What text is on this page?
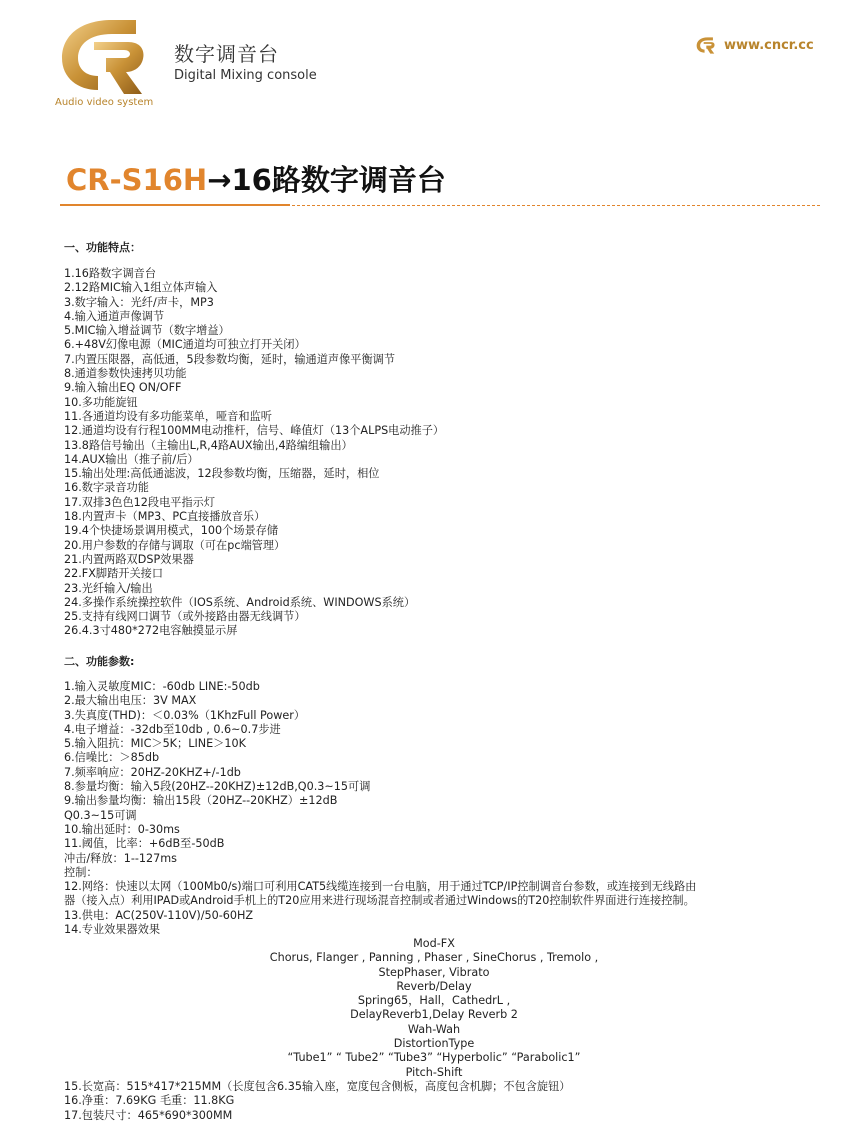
Audio video system
数字调音台
Digital Mixing console
www.cncr.cc
CR-S16H→16路数字调音台
一、功能特点：
1.16路数字调音台
2.12路MIC输入1组立体声输入
3.数字输入：光纤/声卡，MP3
4.输入通道声像调节
5.MIC输入增益调节（数字增益）
6.+48V幻像电源（MIC通道均可独立打开关闭）
7.内置压限器，高低通，5段参数均衡，延时，输通道声像平衡调节
8.通道参数快速拷贝功能
9.输入输出EQ ON/OFF
10.多功能旋钮
11.各通道均设有多功能菜单，哑音和监听
12.通道均设有行程100MM电动推杆，信号、峰值灯（13个ALPS电动推子）
13.8路信号输出（主输出L,R,4路AUX输出,4路编组输出）
14.AUX输出（推子前/后）
15.输出处理:高低通滤波，12段参数均衡，压缩器，延时，相位
16.数字录音功能
17.双排3色色12段电平指示灯
18.内置声卡（MP3、PC直接播放音乐）
19.4个快捷场景调用模式，100个场景存储
20.用户参数的存储与调取（可在pc端管理）
21.内置两路双DSP效果器
22.FX脚踏开关接口
23.光纤输入/输出
24.多操作系统操控软件（IOS系统、Android系统、WINDOWS系统）
25.支持有线网口调节（或外接路由器无线调节）
26.4.3寸480*272电容触摸显示屏
二、功能参数:
1.输入灵敏度MIC：-60db LINE:-50db
2.最大输出电压：3V MAX
3.失真度(THD)：＜0.03%（1KhzFull Power）
4.电子增益：-32db至10db , 0.6~0.7步进
5.输入阻抗：MIC＞5K；LINE＞10K
6.信噪比：＞85db
7.频率响应：20HZ-20KHZ+/-1db
8.参量均衡：输入5段(20HZ--20KHZ)±12dB,Q0.3~15可调
9.输出参量均衡：输出15段（20HZ--20KHZ）±12dB
Q0.3~15可调
10.输出延时：0-30ms
11.阈值，比率：+6dB至-50dB
冲击/释放：1--127ms
控制：
12.网络：快速以太网（100Mb0/s)端口可利用CAT5线缆连接到一台电脑，用于通过TCP/IP控制调音台参数，或连接到无线路由
器（接入点）利用IPAD或Android手机上的T20应用来进行现场混音控制或者通过Windows的T20控制软件界面进行连接控制。
13.供电：AC(250V-110V)/50-60HZ
14.专业效果器效果
Mod-FX
Chorus, Flanger , Panning , Phaser , SineChorus , Tremolo ,
StepPhaser, Vibrato
Reverb/Delay
Spring65，Hall，CathedrL ,
DelayReverb1,Delay Reverb 2
Wah-Wah
DistortionType
“Tube1” “ Tube2” “Tube3” “Hyperbolic” “Parabolic1”
Pitch-Shift
15.长宽高：515*417*215MM（长度包含6.35输入座，宽度包含侧板，高度包含机脚；不包含旋钮）
16.净重：7.69KG 毛重：11.8KG
17.包装尺寸：465*690*300MM
